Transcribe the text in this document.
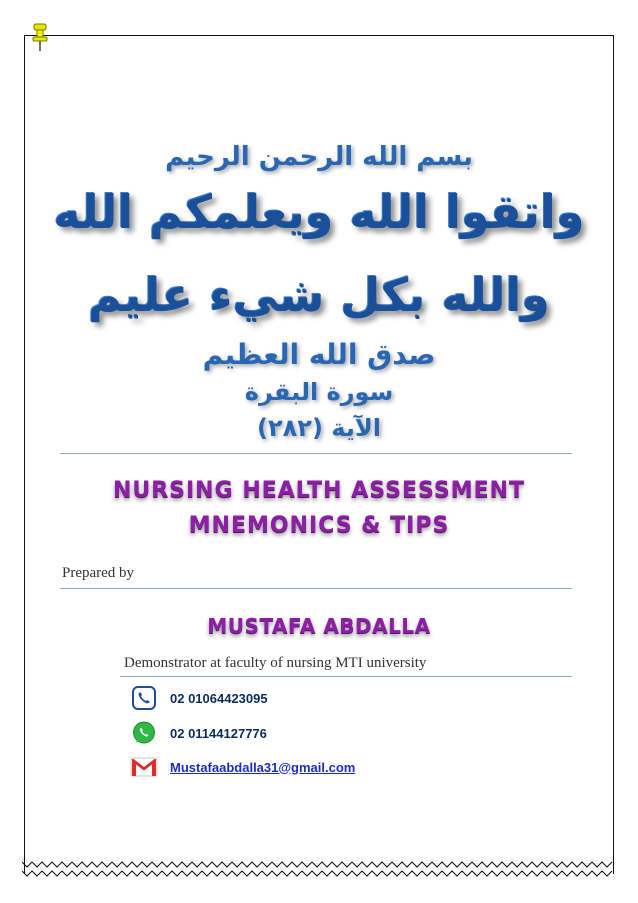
بسم الله الرحمن الرحيم
واتقوا الله ويعلمكم الله
والله بكل شيء عليم
صدق الله العظيم
سورة البقرة
الآية (٢٨٢)
NURSING HEALTH ASSESSMENT
MNEMONICS & TIPS
Prepared by
MUSTAFA ABDALLA
Demonstrator at faculty of nursing MTI university
02 01064423095
02 01144127776
Mustafaabdalla31@gmail.com
